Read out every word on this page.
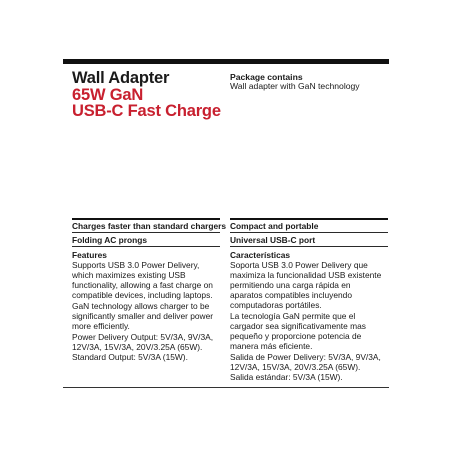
Wall Adapter
65W GaN
USB-C Fast Charge

Package contains

Wall adapter with GaN technology

Charges faster than standard chargers Compact and portable

Folding AC prongs	Universal USB-C port

Features

Supports USB 3.0 Power Delivery, which maximizes existing USB functionality, allowing a fast charge on compatible devices, including laptops.

GaN technology allows charger to be significantly smaller and deliver power more efficiently.

Power Delivery Output: 5V/3A, 9V/3A, 12V/3A, 15V/3A, 20V/3.25A (65W). Standard Output: 5V/3A (15W).

Características

Soporta USB 3.0 Power Delivery que maximiza la funcionalidad USB existente permitiendo una carga rápida en aparatos compatibles incluyendo computadoras portátiles.

La tecnología GaN permite que el cargador sea significativamente mas pequeño y proporcione potencia de manera más eficiente.

Salida de Power Delivery: 5V/3A, 9V/3A, 12V/3A, 15V/3A, 20V/3.25A (65W). Salida estándar: 5V/3A (15W).
